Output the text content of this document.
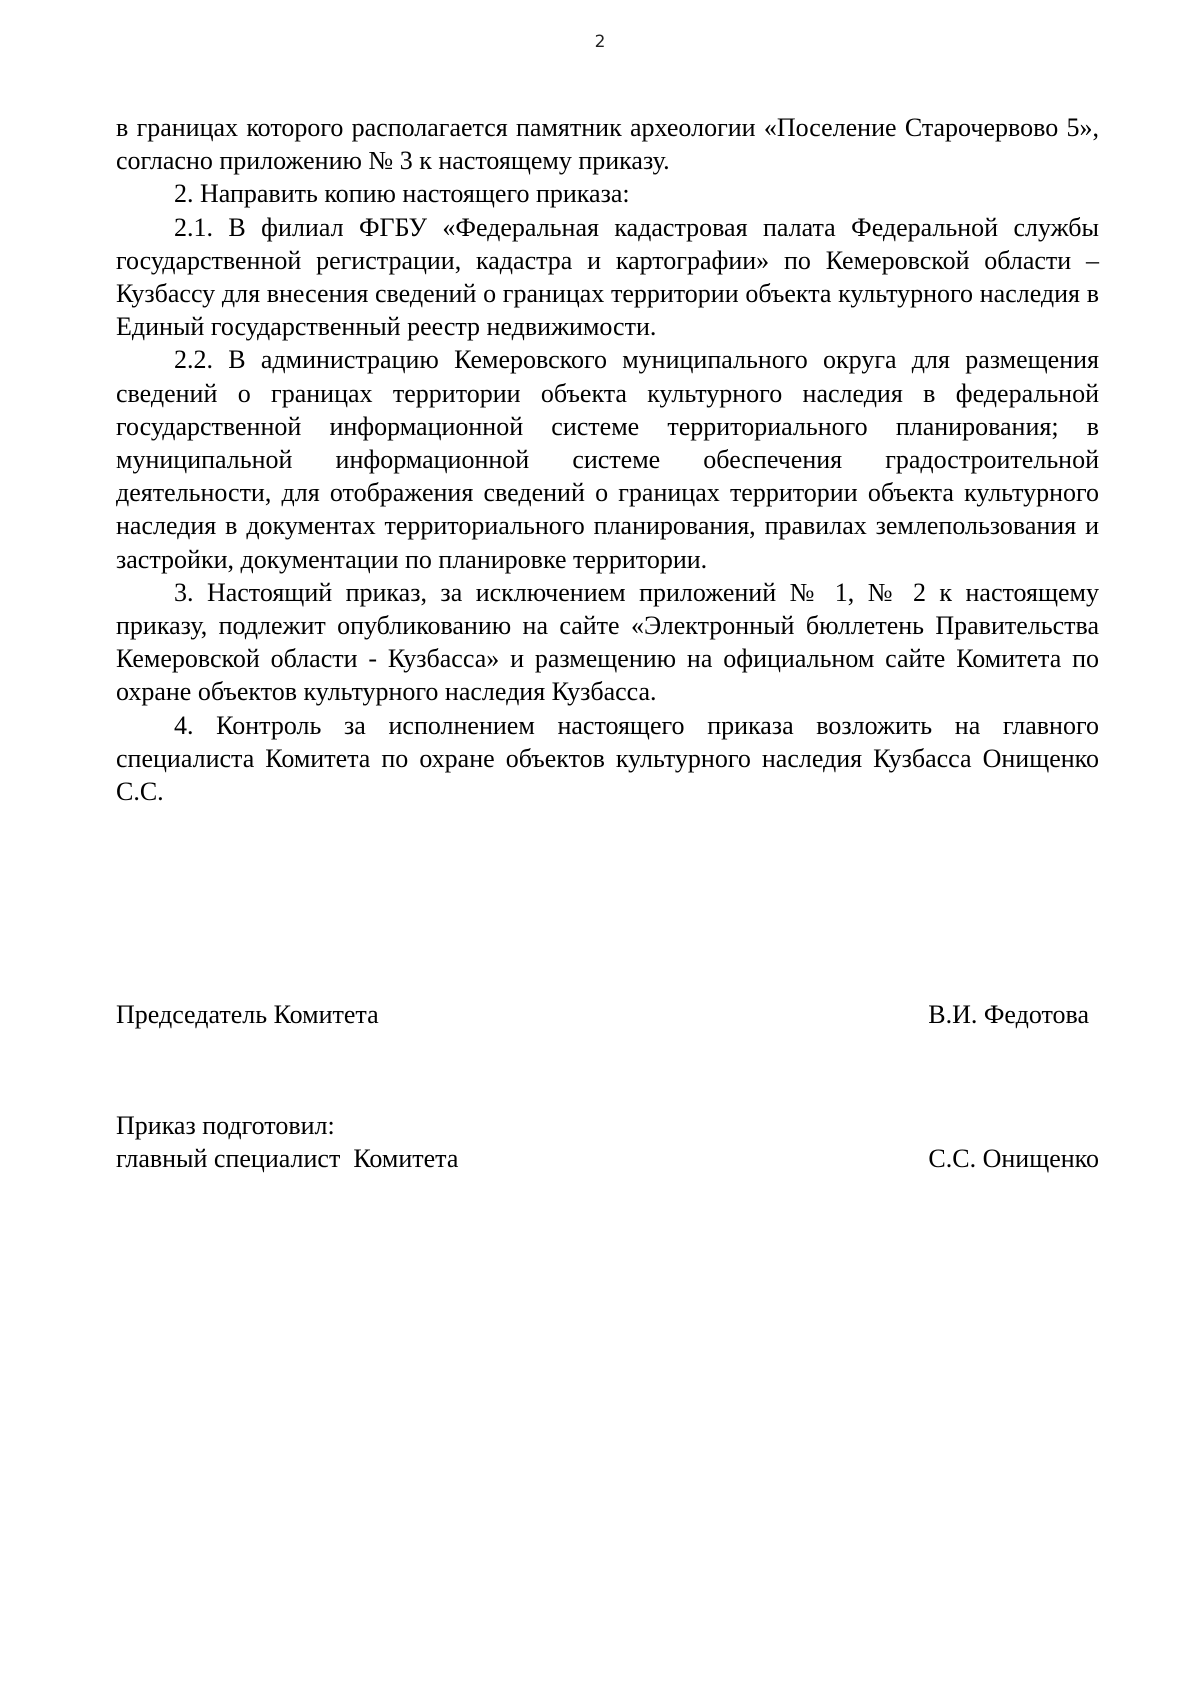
2

в границах которого располагается памятник археологии «Поселение Старочервово 5», согласно приложению № 3 к настоящему приказу.

2. Направить копию настоящего приказа:

2.1. В филиал ФГБУ «Федеральная кадастровая палата Федеральной службы государственной регистрации, кадастра и картографии» по Кемеровской области – Кузбассу для внесения сведений о границах территории объекта культурного наследия в Единый государственный реестр недвижимости.

2.2. В администрацию Кемеровского муниципального округа для размещения сведений о границах территории объекта культурного наследия в федеральной государственной информационной системе территориального планирования; в муниципальной информационной системе обеспечения градостроительной деятельности, для отображения сведений о границах территории объекта культурного наследия в документах территориального планирования, правилах землепользования и застройки, документации по планировке территории.

3. Настоящий приказ, за исключением приложений № 1, № 2 к настоящему приказу, подлежит опубликованию на сайте «Электронный бюллетень Правительства Кемеровской области - Кузбасса» и размещению на официальном сайте Комитета по охране объектов культурного наследия Кузбасса.

4. Контроль за исполнением настоящего приказа возложить на главного специалиста Комитета по охране объектов культурного наследия Кузбасса Онищенко С.С.

Председатель Комитета	В.И. Федотова
Приказ подготовил:
главный специалист  Комитета	С.С. Онищенко
